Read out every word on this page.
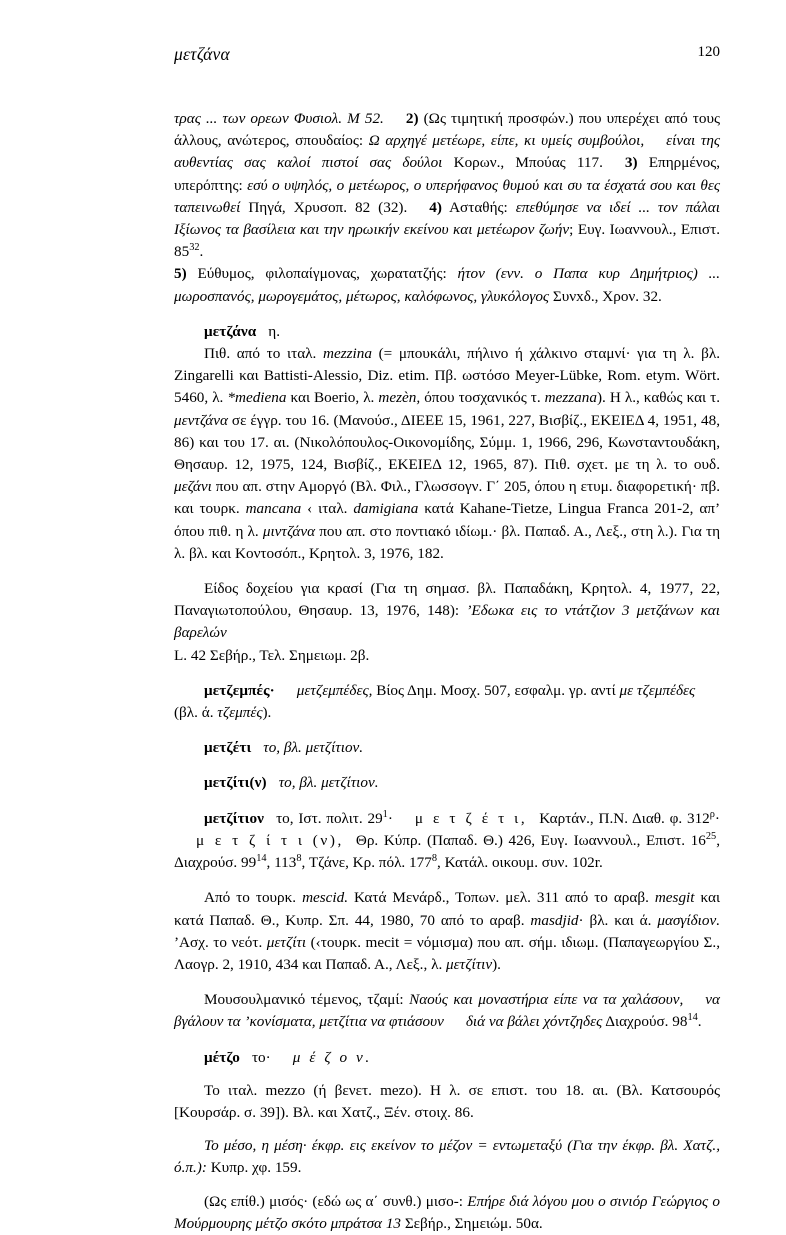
μετζάνα	120

τρας ... των ορεων Φυσιολ. Μ 52. 2) (Ως τιμητική προσφών.) που υπερέχει από τους άλλους, ανώτερος, σπουδαίος: Ω αρχηγέ μετέωρε, είπε, κι υμείς συμβούλοι, είναι της αυθεντίας σας καλοί πιστοί σας δούλοι Κορων., Μπούας 117. 3) Επηρμένος, υπερόπτης: εσύ ο υψηλός, ο μετέωρος, ο υπερήφανος θυμού και συ τα έσχατά σου και θες ταπεινωθεί Πηγά, Χρυσοπ. 82 (32). 4) Ασταθής: επεθύμησε να ιδεί ... τον πάλαι Ιξίωνος τα βασίλεια και την ηρωικήν εκείνου και μετέωρον ζωήν; Ευγ. Ιωαννουλ., Επιστ. $85^{32}$.
5) Εύθυμος, φιλοπαίγμονας, χωρατατζής: ήτον (ενν. ο Παπα κυρ Δημήτριος) ... μωροσπανός, μωρογεμάτος, μέτωρος, καλόφωνος, γλυκόλογος Συνxδ., Χρον. 32.

μετζάνα η.

Πιθ. από το ιταλ. mezzina (= μπουκάλι, πήλινο ή χάλκινο σταμνί· για τη λ. βλ. Zingarelli και Battisti-Alessio, Diz. etim. Πβ. ωστόσο Meyer-Lübke, Rom. etym. Wört. 5460, λ. *mediena και Boerio, λ. mezèn, όπου τοσχανικός τ. mezzana). Η λ., καθώς και τ. μεντζάνα σε έγγρ. του 16. (Μανούσ., ΔΙΕΕΕ 15, 1961, 227, Βισβίζ., ΕΚΕΙΕΔ 4, 1951, 48, 86) και του 17. αι. (Νικολόπουλος-Οικονομίδης, Σύμμ. 1, 1966, 296, Κωνσταντουδάκη, Θησαυρ. 12, 1975, 124, Βισβίζ., ΕΚΕΙΕΔ 12, 1965, 87). Πιθ. σχετ. με τη λ. το ουδ. μεζάνι που απ. στην Αμοργό (Βλ. Φιλ., Γλωσσογν. Γ΄ 205, όπου η ετυμ. διαφορετική· πβ. και τουρκ. mancana ‹ ιταλ. damigiana κατά Kahane-Tietze, Lingua Franca 201-2, απ’ όπου πιθ. η λ. μιντζάνα που απ. στο ποντιακό ιδίωμ.· βλ. Παπαδ. Α., Λεξ., στη λ.). Για τη λ. βλ. και Κοντοσόπ., Κρητολ. 3, 1976, 182.

Είδος δοχείου για κρασί (Για τη σημασ. βλ. Παπαδάκη, Κρητολ. 4, 1977, 22, Παναγιωτοπούλου, Θησαυρ. 13, 1976, 148): ’Εδωκα εις το ντάτζιον 3 μετζάνων και βαρελών
L. 42 Σεβήρ., Τελ. Σημειωμ. 2β.

μετζεμπές· μετζεμπέδες, Βίος Δημ. Μοσχ. 507, εσφαλμ. γρ. αντί με τζεμπέδες
(βλ. ά. τζεμπές).

μετζέτι το, βλ. μετζίτιον.

μετζίτι(ν) το, βλ. μετζίτιον.

μετζίτιον το, Ιστ. πολιτ. $29^1\cdot \mu$ ε τ ζ έ τ ι, Καρτάν., Π.Ν. Διαθ. φ. $312^\rho\cdot\mu$ ε τ ζ ί τ ι (ν), Θρ. Κύπρ. (Παπαδ. Θ.) 426, Ευγ. Ιωαννουλ., Επιστ. $16^{25}$, Διαχρούσ. $99^{14}$, $113^8$, Τζάνε, Κρ. πόλ. $177^8$, Κατάλ. οικουμ. συν. 102r.

Από το τουρκ. mescid. Κατά Μενάρδ., Τοπων. μελ. 311 από το αραβ. mesgit και κατά Παπαδ. Θ., Κυπρ. Σπ. 44, 1980, 70 από το αραβ. masdjid· βλ. και ά. μασγίδιον. ’Ασχ. το νεότ. μετζίτι (‹τουρκ. mecit = νόμισμα) που απ. σήμ. ιδιωμ. (Παπαγεωργίου Σ., Λαογρ. 2, 1910, 434 και Παπαδ. Α., Λεξ., λ. μετζίτιν).

Μουσουλμανικό τέμενος, τζαμί: Ναούς και μοναστήρια είπε να τα χαλάσουν, να βγάλουν τα ’κονίσματα, μετζίτια να φτιάσουν διά να βάλει χόντζηδες Διαχρούσ. $98^{14}$.

μέτζο το· μ έ ζ ο ν.

Το ιταλ. mezzo (ή βενετ. mezo). Η λ. σε επιστ. του 18. αι. (Βλ. Κατσουρός [Κουρσάρ. σ. 39]). Βλ. και Χατζ., Ξέν. στοιχ. 86.

Το μέσο, η μέση· έκφρ. εις εκείνον το μέζον = εντωμεταξύ (Για την έκφρ. βλ. Χατζ., ό.π.): Κυπρ. χφ. 159.

(Ως επίθ.) μισός· (εδώ ως α΄ συνθ.) μισο-: Επήρε διά λόγου μου ο σινιόρ Γεώργιος ο Μούρμουρης μέτζο σκότο μπράτσα 13 Σεβήρ., Σημειώμ. 50α.
